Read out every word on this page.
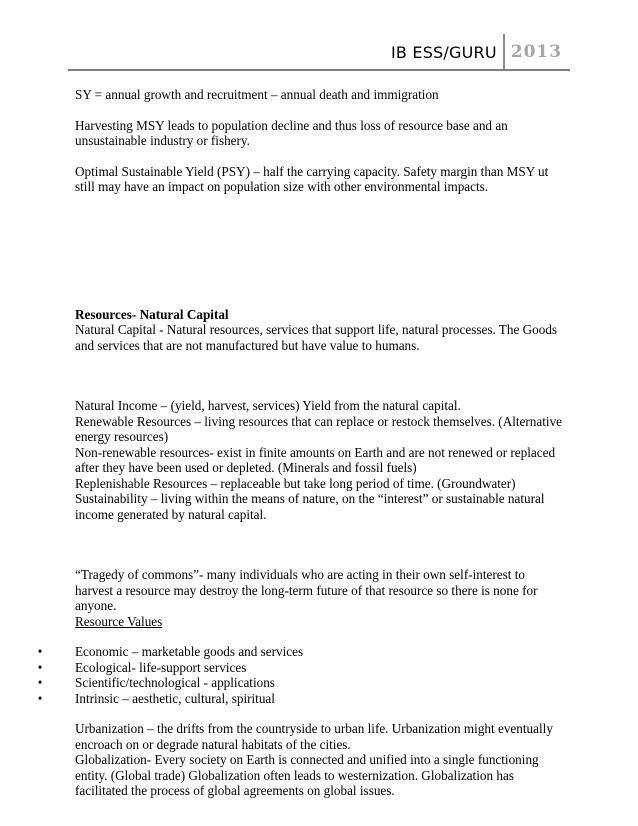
IB ESS/GURU 2013

SY = annual growth and recruitment – annual death and immigration

Harvesting MSY leads to population decline and thus loss of resource base and an unsustainable industry or fishery.

Optimal Sustainable Yield (PSY) – half the carrying capacity. Safety margin than MSY ut still may have an impact on population size with other environmental impacts.

Resources- Natural Capital

Natural Capital - Natural resources, services that support life, natural processes. The Goods and services that are not manufactured but have value to humans.

Natural Income – (yield, harvest, services) Yield from the natural capital.

Renewable Resources – living resources that can replace or restock themselves. (Alternative energy resources)

Non-renewable resources- exist in finite amounts on Earth and are not renewed or replaced after they have been used or depleted. (Minerals and fossil fuels)

Replenishable Resources – replaceable but take long period of time. (Groundwater)

Sustainability – living within the means of nature, on the “interest” or sustainable natural income generated by natural capital.

“Tragedy of commons”- many individuals who are acting in their own self-interest to harvest a resource may destroy the long-term future of that resource so there is none for anyone.

Resource Values

• Economic – marketable goods and services
• Ecological- life-support services
• Scientific/technological - applications
• Intrinsic – aesthetic, cultural, spiritual

Urbanization – the drifts from the countryside to urban life. Urbanization might eventually encroach on or degrade natural habitats of the cities.

Globalization- Every society on Earth is connected and unified into a single functioning entity. (Global trade) Globalization often leads to westernization. Globalization has facilitated the process of global agreements on global issues.
